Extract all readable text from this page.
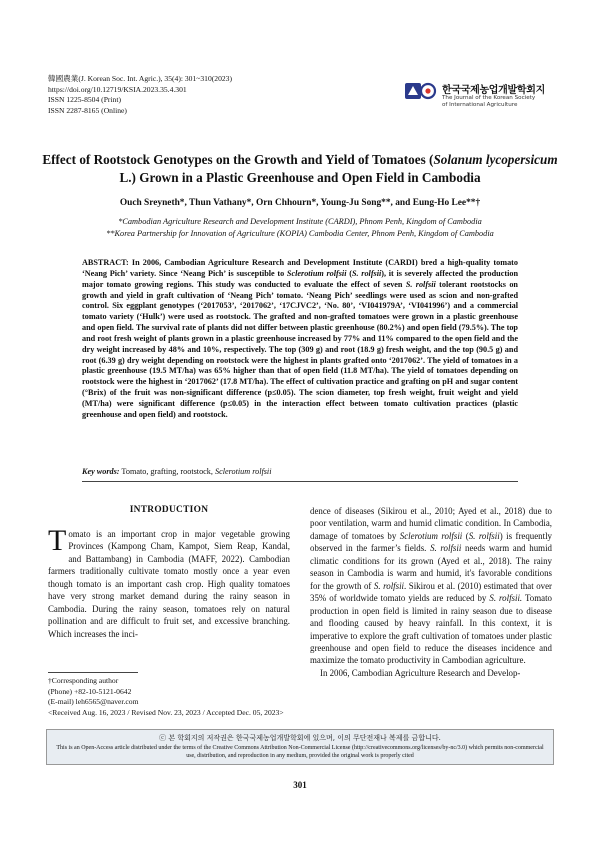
韓國農業(J. Korean Soc. Int. Agric.), 35(4): 301~310(2023)
https://doi.org/10.12719/KSIA.2023.35.4.301
ISSN 1225-8504 (Print)
ISSN 2287-8165 (Online)
한국국제농업개발학회지
The Journal of the Korean Society
of International Agriculture
Effect of Rootstock Genotypes on the Growth and Yield of Tomatoes (Solanum lycopersicum L.) Grown in a Plastic Greenhouse and Open Field in Cambodia
Ouch Sreyneth*, Thun Vathany*, Orn Chhourn*, Young-Ju Song**, and Eung-Ho Lee**†
*Cambodian Agriculture Research and Development Institute (CARDI), Phnom Penh, Kingdom of Cambodia
**Korea Partnership for Innovation of Agriculture (KOPIA) Cambodia Center, Phnom Penh, Kingdom of Cambodia
ABSTRACT: In 2006, Cambodian Agriculture Research and Development Institute (CARDI) bred a high-quality tomato ‘Neang Pich’ variety. Since ‘Neang Pich’ is susceptible to Sclerotium rolfsii (S. rolfsii), it is severely affected the production major tomato growing regions. This study was conducted to evaluate the effect of seven S. rolfsii tolerant rootstocks on growth and yield in graft cultivation of ‘Neang Pich’ tomato. ‘Neang Pich’ seedlings were used as scion and non-grafted control. Six eggplant genotypes (‘2017053’, ‘2017062’, ‘17CJVC2’, ‘No. 80’, ‘VI041979A’, ‘VI041996’) and a commercial tomato variety (‘Hulk’) were used as rootstock. The grafted and non-grafted tomatoes were grown in a plastic greenhouse and open field. The survival rate of plants did not differ between plastic greenhouse (80.2%) and open field (79.5%). The top and root fresh weight of plants grown in a plastic greenhouse increased by 77% and 11% compared to the open field and the dry weight increased by 48% and 10%, respectively. The top (309 g) and root (18.9 g) fresh weight, and the top (90.5 g) and root (6.39 g) dry weight depending on rootstock were the highest in plants grafted onto ‘2017062’. The yield of tomatoes in a plastic greenhouse (19.5 MT/ha) was 65% higher than that of open field (11.8 MT/ha). The yield of tomatoes depending on rootstock were the highest in ‘2017062’ (17.8 MT/ha). The effect of cultivation practice and grafting on pH and sugar content (°Brix) of the fruit was non-significant difference (p≤0.05). The scion diameter, top fresh weight, fruit weight and yield (MT/ha) were significant difference (p≤0.05) in the interaction effect between tomato cultivation practices (plastic greenhouse and open field) and rootstock.
Key words: Tomato, grafting, rootstock, Sclerotium rolfsii
INTRODUCTION
Tomato is an important crop in major vegetable growing Provinces (Kampong Cham, Kampot, Siem Reap, Kandal, and Battambang) in Cambodia (MAFF, 2022). Cambodian farmers traditionally cultivate tomato mostly once a year even though tomato is an important cash crop. High quality tomatoes have very strong market demand during the rainy season in Cambodia. During the rainy season, tomatoes rely on natural pollination and are difficult to fruit set, and excessive branching. Which increases the inci-
dence of diseases (Sikirou et al., 2010; Ayed et al., 2018) due to poor ventilation, warm and humid climatic condition. In Cambodia, damage of tomatoes by Sclerotium rolfsii (S. rolfsii) is frequently observed in the farmer’s fields. S. rolfsii needs warm and humid climatic conditions for its grown (Ayed et al., 2018). The rainy season in Cambodia is warm and humid, it's favorable conditions for the growth of S. rolfsii. Sikirou et al. (2010) estimated that over 35% of worldwide tomato yields are reduced by S. rolfsii. Tomato production in open field is limited in rainy season due to disease and flooding caused by heavy rainfall. In this context, it is imperative to explore the graft cultivation of tomatoes under plastic greenhouse and open field to reduce the diseases incidence and maximize the tomato productivity in Cambodian agriculture.
In 2006, Cambodian Agriculture Research and Develop-
†Corresponding author
(Phone) +82-10-5121-0642
(E-mail) leh6565@naver.com
<Received Aug. 16, 2023 / Revised Nov. 23, 2023 / Accepted Dec. 05, 2023>
ⓒ 본 학회지의 저작권은 한국국제농업개발학회에 있으며, 이의 무단전재나 복제를 금합니다.
This is an Open-Access article distributed under the terms of the Creative Commons Attribution Non-Commercial License (http://creativecommons.org/licenses/by-nc/3.0) which permits non-commercial use, distribution, and reproduction in any medium, provided the original work is properly cited
301
